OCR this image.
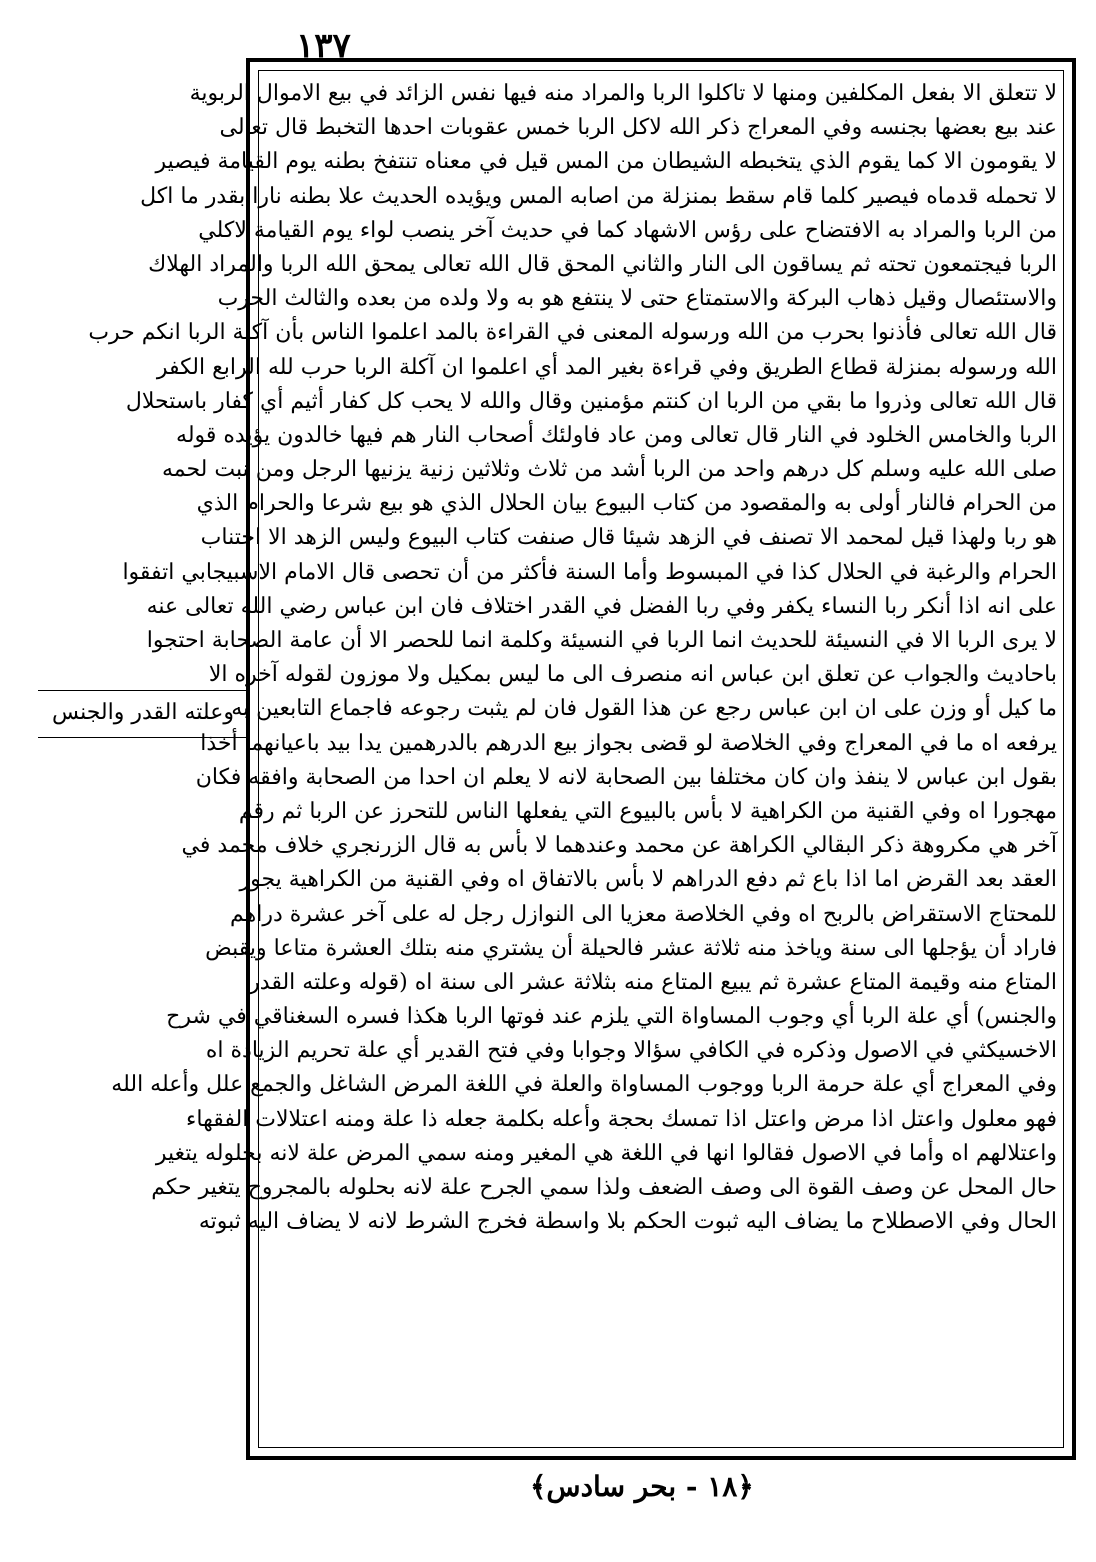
١٣٧
وعلته القدر والجنس
لا تتعلق الا بفعل المكلفين ومنها لا تاكلوا الربا والمراد منه فيها نفس الزائد في بيع الاموال الربوية
عند بيع بعضها بجنسه وفي المعراج ذكر الله لاكل الربا خمس عقوبات احدها التخبط قال تعالى
لا يقومون الا كما يقوم الذي يتخبطه الشيطان من المس قيل في معناه تنتفخ بطنه يوم القيامة فيصير
لا تحمله قدماه فيصير كلما قام سقط بمنزلة من اصابه المس ويؤيده الحديث علا بطنه نارا بقدر ما اكل
من الربا والمراد به الافتضاح على رؤس الاشهاد كما في حديث آخر ينصب لواء يوم القيامة لاكلي
الربا فيجتمعون تحته ثم يساقون الى النار والثاني المحق قال الله تعالى يمحق الله الربا والمراد الهلاك
والاستئصال وقيل ذهاب البركة والاستمتاع حتى لا ينتفع هو به ولا ولده من بعده والثالث الحرب
قال الله تعالى فأذنوا بحرب من الله ورسوله المعنى في القراءة بالمد اعلموا الناس بأن آكلة الربا انكم حرب
الله ورسوله بمنزلة قطاع الطريق وفي قراءة بغير المد أي اعلموا ان آكلة الربا حرب لله الرابع الكفر
قال الله تعالى وذروا ما بقي من الربا ان كنتم مؤمنين وقال والله لا يحب كل كفار أثيم أي كفار باستحلال
الربا والخامس الخلود في النار قال تعالى ومن عاد فاولئك أصحاب النار هم فيها خالدون يؤيده قوله
صلى الله عليه وسلم كل درهم واحد من الربا أشد من ثلاث وثلاثين زنية يزنيها الرجل ومن نبت لحمه
من الحرام فالنار أولى به والمقصود من كتاب البيوع بيان الحلال الذي هو بيع شرعا والحرام الذي
هو ربا ولهذا قيل لمحمد الا تصنف في الزهد شيئا قال صنفت كتاب البيوع وليس الزهد الا اجتناب
الحرام والرغبة في الحلال كذا في المبسوط وأما السنة فأكثر من أن تحصى قال الامام الاسبيجابي اتفقوا
على انه اذا أنكر ربا النساء يكفر وفي ربا الفضل في القدر اختلاف فان ابن عباس رضي الله تعالى عنه
لا يرى الربا الا في النسيئة للحديث انما الربا في النسيئة وكلمة انما للحصر الا أن عامة الصحابة احتجوا
باحاديث والجواب عن تعلق ابن عباس انه منصرف الى ما ليس بمكيل ولا موزون لقوله آخره الا
ما كيل أو وزن على ان ابن عباس رجع عن هذا القول فان لم يثبت رجوعه فاجماع التابعين به
يرفعه اه ما في المعراج وفي الخلاصة لو قضى بجواز بيع الدرهم بالدرهمين يدا بيد باعيانهما أخذا
بقول ابن عباس لا ينفذ وان كان مختلفا بين الصحابة لانه لا يعلم ان احدا من الصحابة وافقه فكان
مهجورا اه وفي القنية من الكراهية لا بأس بالبيوع التي يفعلها الناس للتحرز عن الربا ثم رقم
آخر هي مكروهة ذكر البقالي الكراهة عن محمد وعندهما لا بأس به قال الزرنجري خلاف محمد في
العقد بعد القرض اما اذا باع ثم دفع الدراهم لا بأس بالاتفاق اه وفي القنية من الكراهية يجوز
للمحتاج الاستقراض بالربح اه وفي الخلاصة معزيا الى النوازل رجل له على آخر عشرة دراهم
فاراد أن يؤجلها الى سنة وياخذ منه ثلاثة عشر فالحيلة أن يشتري منه بتلك العشرة متاعا ويقبض
المتاع منه وقيمة المتاع عشرة ثم يبيع المتاع منه بثلاثة عشر الى سنة اه (قوله وعلته القدر
والجنس) أي علة الربا أي وجوب المساواة التي يلزم عند فوتها الربا هكذا فسره السغناقي في شرح
الاخسيكثي في الاصول وذكره في الكافي سؤالا وجوابا وفي فتح القدير أي علة تحريم الزيادة اه
وفي المعراج أي علة حرمة الربا ووجوب المساواة والعلة في اللغة المرض الشاغل والجمع علل وأعله الله
فهو معلول واعتل اذا مرض واعتل اذا تمسك بحجة وأعله بكلمة جعله ذا علة ومنه اعتلالات الفقهاء
واعتلالهم اه وأما في الاصول فقالوا انها في اللغة هي المغير ومنه سمي المرض علة لانه بحلوله يتغير
حال المحل عن وصف القوة الى وصف الضعف ولذا سمي الجرح علة لانه بحلوله بالمجروح يتغير حكم
الحال وفي الاصطلاح ما يضاف اليه ثبوت الحكم بلا واسطة فخرج الشرط لانه لا يضاف اليه ثبوته
﴿١٨ - بحر سادس﴾
